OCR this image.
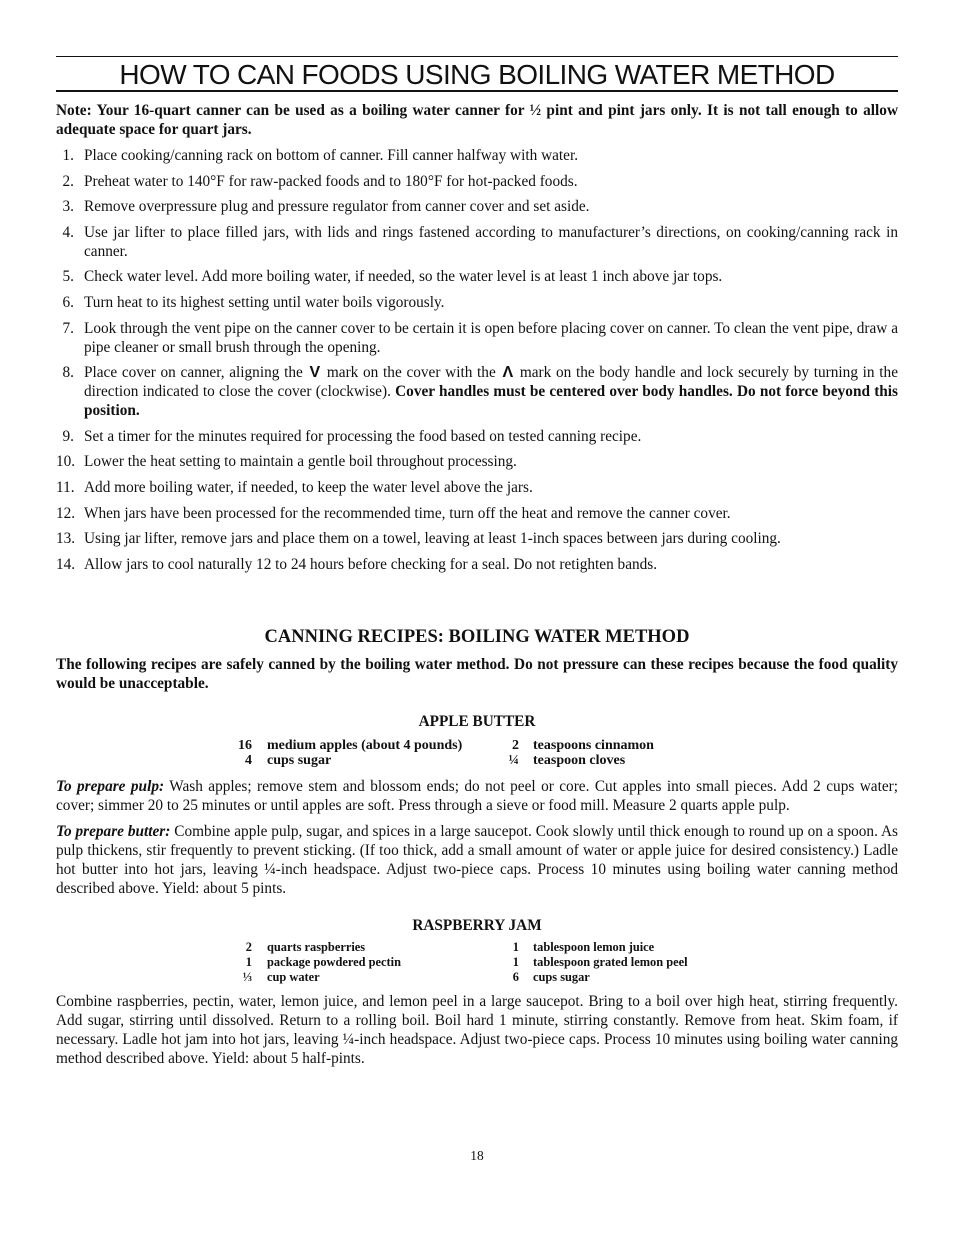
HOW TO CAN FOODS USING BOILING WATER METHOD

Note: Your 16-quart canner can be used as a boiling water canner for ½ pint and pint jars only. It is not tall enough to allow adequate space for quart jars.

1. Place cooking/canning rack on bottom of canner. Fill canner halfway with water.
2. Preheat water to 140°F for raw-packed foods and to 180°F for hot-packed foods.
3. Remove overpressure plug and pressure regulator from canner cover and set aside.
4. Use jar lifter to place filled jars, with lids and rings fastened according to manufacturer’s directions, on cooking/canning rack in canner.
5. Check water level. Add more boiling water, if needed, so the water level is at least 1 inch above jar tops.
6. Turn heat to its highest setting until water boils vigorously.
7. Look through the vent pipe on the canner cover to be certain it is open before placing cover on canner. To clean the vent pipe, draw a pipe cleaner or small brush through the opening.
8. Place cover on canner, aligning the V mark on the cover with the Λ mark on the body handle and lock securely by turning in the direction indicated to close the cover (clockwise). Cover handles must be centered over body handles. Do not force beyond this position.
9. Set a timer for the minutes required for processing the food based on tested canning recipe.
10. Lower the heat setting to maintain a gentle boil throughout processing.
11. Add more boiling water, if needed, to keep the water level above the jars.
12. When jars have been processed for the recommended time, turn off the heat and remove the canner cover.
13. Using jar lifter, remove jars and place them on a towel, leaving at least 1-inch spaces between jars during cooling.
14. Allow jars to cool naturally 12 to 24 hours before checking for a seal. Do not retighten bands.
CANNING RECIPES: BOILING WATER METHOD

The following recipes are safely canned by the boiling water method. Do not pressure can these recipes because the food quality would be unacceptable.

APPLE BUTTER
16 medium apples (about 4 pounds)	2 teaspoons cinnamon
4 cups sugar	¼ teaspoon cloves

To prepare pulp: Wash apples; remove stem and blossom ends; do not peel or core. Cut apples into small pieces. Add 2 cups water; cover; simmer 20 to 25 minutes or until apples are soft. Press through a sieve or food mill. Measure 2 quarts apple pulp.

To prepare butter: Combine apple pulp, sugar, and spices in a large saucepot. Cook slowly until thick enough to round up on a spoon. As pulp thickens, stir frequently to prevent sticking. (If too thick, add a small amount of water or apple juice for desired consistency.) Ladle hot butter into hot jars, leaving ¼-inch headspace. Adjust two-piece caps. Process 10 minutes using boiling water canning method described above. Yield: about 5 pints.

RASPBERRY JAM
2 quarts raspberries	1 tablespoon lemon juice
1 package powdered pectin	1 tablespoon grated lemon peel
⅓ cup water	6 cups sugar

Combine raspberries, pectin, water, lemon juice, and lemon peel in a large saucepot. Bring to a boil over high heat, stirring frequently. Add sugar, stirring until dissolved. Return to a rolling boil. Boil hard 1 minute, stirring constantly. Remove from heat. Skim foam, if necessary. Ladle hot jam into hot jars, leaving ¼-inch headspace. Adjust two-piece caps. Process 10 minutes using boiling water canning method described above. Yield: about 5 half-pints.

18
